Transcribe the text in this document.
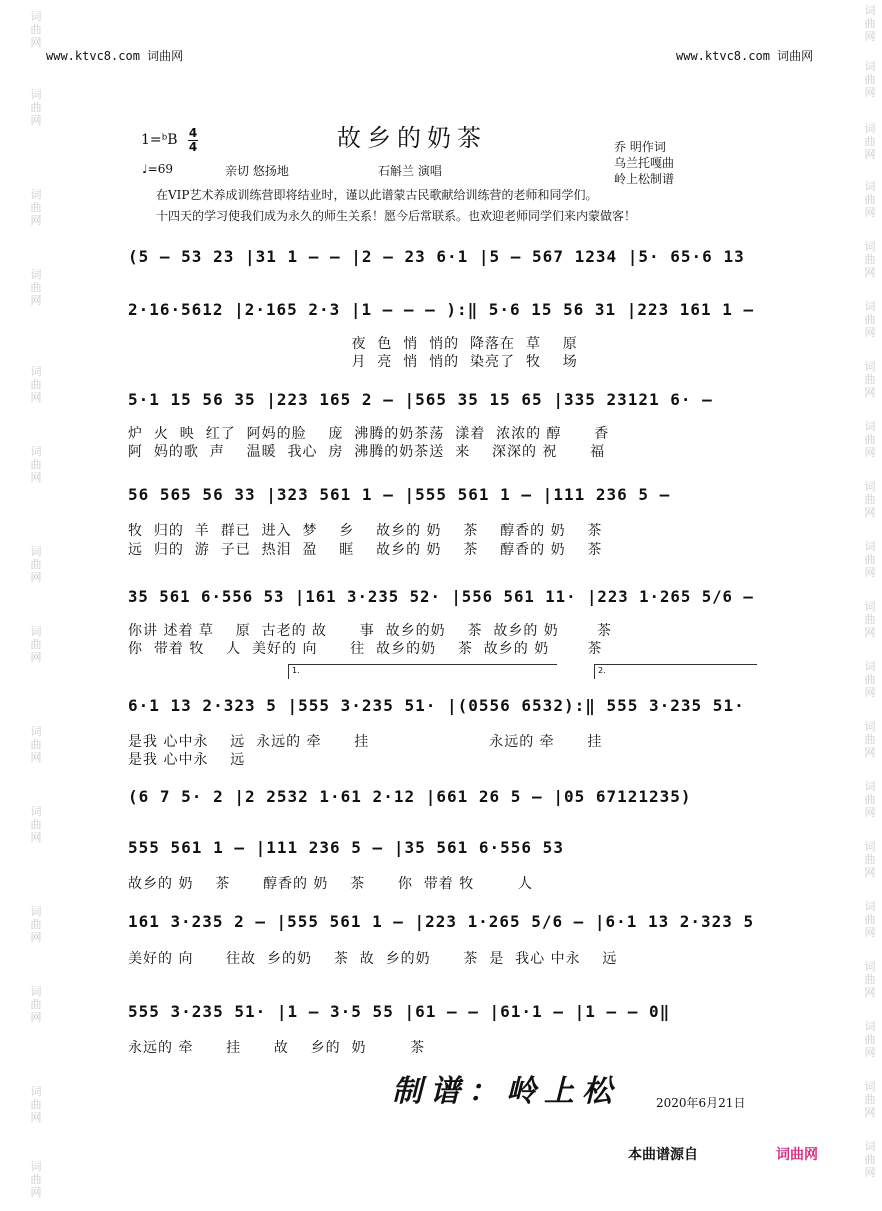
词
曲
网
词
曲
网
词
曲
网
词
曲
网
词
曲
网
词
曲
网
词
曲
网
词
曲
网
词
曲
网
词
曲
网
词
曲
网
词
曲
网
词
曲
网
词
曲
网
词
曲
网
词
曲
网
词
曲
网
词
曲
网
词
曲
网
词
曲
网
词
曲
网
词
曲
网
词
曲
网
词
曲
网
词
曲
网
词
曲
网
词
曲
网
词
曲
网
词
曲
网
词
曲
网
词
曲
网
词
曲
网
词
曲
网
词
曲
网
www.ktvc8.com 词曲网	www.ktvc8.com 词曲网
故乡的奶茶
1=ᵇB 4
4
♩=69	亲切 悠扬地	石斛兰 演唱
乔 明作词
乌兰托嘎曲
岭上松制谱
在VIP艺术养成训练营即将结业时，谨以此谱蒙古民歌献给训练营的老师和同学们。
十四天的学习使我们成为永久的师生关系！愿今后常联系。也欢迎老师同学们来内蒙做客！
(5 – 53 23 |31 1 – – |2 – 23 6·1 |5 – 567 1234 |5· 65·6 13
2·16·5612 |2·165 2·3 |1 – – – ):‖ 5·6 15 56 31 |223 161 1 –
夜  色  悄  悄的  降落在  草    原
月  亮  悄  悄的  染亮了  牧    场
5·1 15 56 35 |223 165 2 – |565 35 15 65 |335 23121 6· –
炉  火  映  红了  阿妈的脸    庞  沸腾的奶茶荡  漾着  浓浓的 醇      香
阿  妈的歌  声    温暖  我心  房  沸腾的奶茶送  来    深深的 祝      福
56 565 56 33 |323 561 1 – |555 561 1 – |111 236 5 –
牧  归的  羊  群已  进入  梦    乡    故乡的 奶    茶    醇香的 奶    茶
远  归的  游  子已  热泪  盈    眶    故乡的 奶    茶    醇香的 奶    茶
35 561 6·556 53 |161 3·235 52· |556 561 11· |223 1·265 5/6 –
你讲 述着 草    原  古老的 故      事  故乡的奶    茶  故乡的 奶       茶
你  带着 牧    人  美好的 向      往  故乡的奶    茶  故乡的 奶       茶
1.	2.
6·1 13 2·323 5 |555 3·235 51· |(0556 6532):‖ 555 3·235 51·
是我 心中永    远  永远的 牵      挂                      永远的 牵      挂
是我 心中永    远
(6 7 5· 2 |2 2532 1·61 2·12 |661 26 5 – |05 67121235)
555 561 1 – |111 236 5 – |35 561 6·556 53
故乡的 奶    茶      醇香的 奶    茶      你  带着 牧        人
161 3·235 2 – |555 561 1 – |223 1·265 5/6 – |6·1 13 2·323 5
美好的 向      往故  乡的奶    茶  故  乡的奶      茶  是  我心 中永    远
555 3·235 51· |1 – 3·5 55 |61 – – |61·1 – |1 – – 0‖
永远的 牵      挂      故    乡的  奶        茶
制谱：岭上松	2020年6月21日
本曲谱源自	词曲网
